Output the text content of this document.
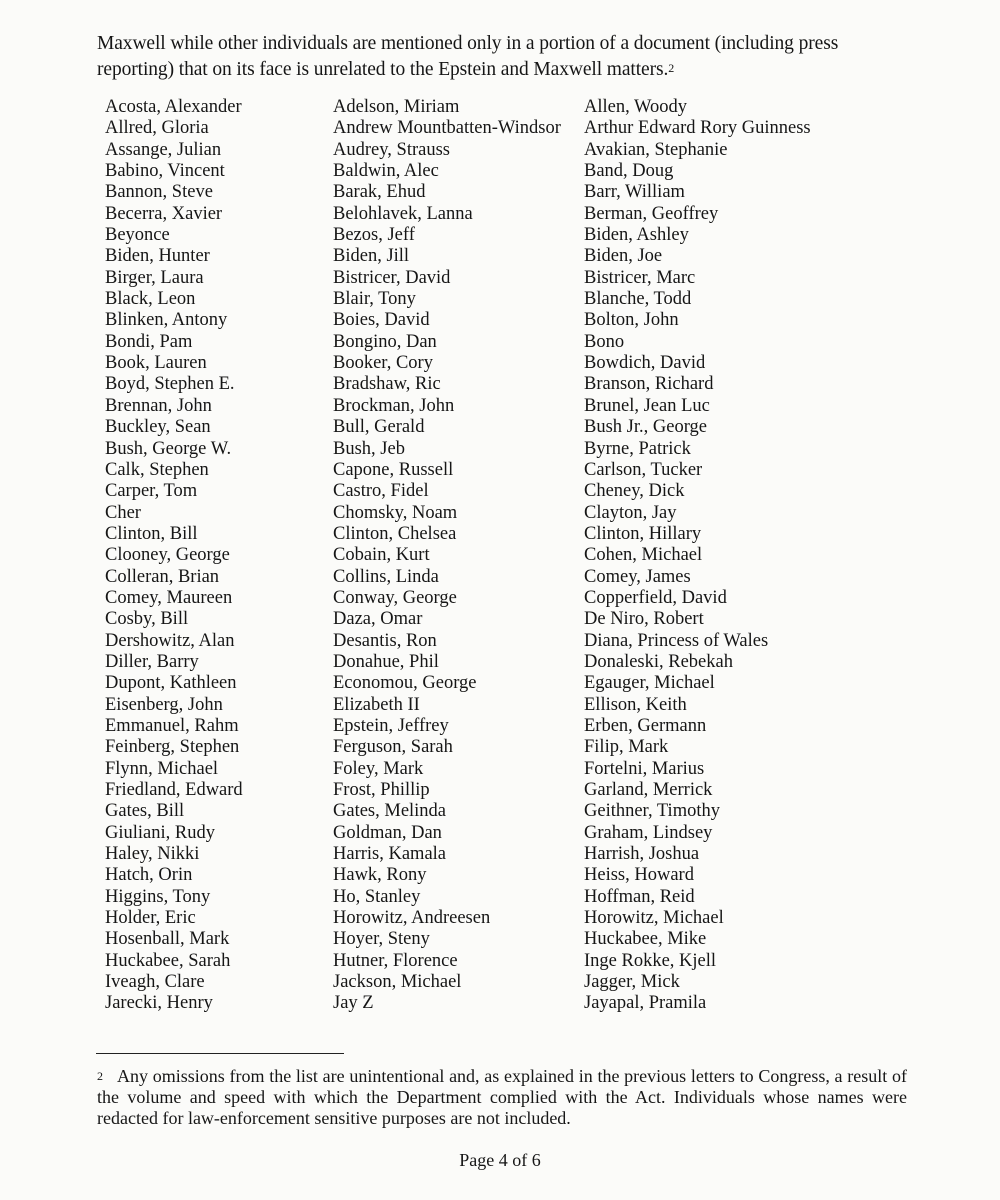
Maxwell while other individuals are mentioned only in a portion of a document (including press reporting) that on its face is unrelated to the Epstein and Maxwell matters.$^2$

Acosta, Alexander
Allred, Gloria
Assange, Julian
Babino, Vincent
Bannon, Steve
Becerra, Xavier
Beyonce
Biden, Hunter
Birger, Laura
Black, Leon
Blinken, Antony
Bondi, Pam
Book, Lauren
Boyd, Stephen E.
Brennan, John
Buckley, Sean
Bush, George W.
Calk, Stephen
Carper, Tom
Cher
Clinton, Bill
Clooney, George
Colleran, Brian
Comey, Maureen
Cosby, Bill
Dershowitz, Alan
Diller, Barry
Dupont, Kathleen
Eisenberg, John
Emmanuel, Rahm
Feinberg, Stephen
Flynn, Michael
Friedland, Edward
Gates, Bill
Giuliani, Rudy
Haley, Nikki
Hatch, Orin
Higgins, Tony
Holder, Eric
Hosenball, Mark
Huckabee, Sarah
Iveagh, Clare
Jarecki, Henry
Adelson, Miriam
Andrew Mountbatten-Windsor
Audrey, Strauss
Baldwin, Alec
Barak, Ehud
Belohlavek, Lanna
Bezos, Jeff
Biden, Jill
Bistricer, David
Blair, Tony
Boies, David
Bongino, Dan
Booker, Cory
Bradshaw, Ric
Brockman, John
Bull, Gerald
Bush, Jeb
Capone, Russell
Castro, Fidel
Chomsky, Noam
Clinton, Chelsea
Cobain, Kurt
Collins, Linda
Conway, George
Daza, Omar
Desantis, Ron
Donahue, Phil
Economou, George
Elizabeth II
Epstein, Jeffrey
Ferguson, Sarah
Foley, Mark
Frost, Phillip
Gates, Melinda
Goldman, Dan
Harris, Kamala
Hawk, Rony
Ho, Stanley
Horowitz, Andreesen
Hoyer, Steny
Hutner, Florence
Jackson, Michael
Jay Z
Allen, Woody
Arthur Edward Rory Guinness
Avakian, Stephanie
Band, Doug
Barr, William
Berman, Geoffrey
Biden, Ashley
Biden, Joe
Bistricer, Marc
Blanche, Todd
Bolton, John
Bono
Bowdich, David
Branson, Richard
Brunel, Jean Luc
Bush Jr., George
Byrne, Patrick
Carlson, Tucker
Cheney, Dick
Clayton, Jay
Clinton, Hillary
Cohen, Michael
Comey, James
Copperfield, David
De Niro, Robert
Diana, Princess of Wales
Donaleski, Rebekah
Egauger, Michael
Ellison, Keith
Erben, Germann
Filip, Mark
Fortelni, Marius
Garland, Merrick
Geithner, Timothy
Graham, Lindsey
Harrish, Joshua
Heiss, Howard
Hoffman, Reid
Horowitz, Michael
Huckabee, Mike
Inge Rokke, Kjell
Jagger, Mick
Jayapal, Pramila

$^2$ Any omissions from the list are unintentional and, as explained in the previous letters to Congress, a result of the volume and speed with which the Department complied with the Act. Individuals whose names were redacted for law-enforcement sensitive purposes are not included.

Page 4 of 6
